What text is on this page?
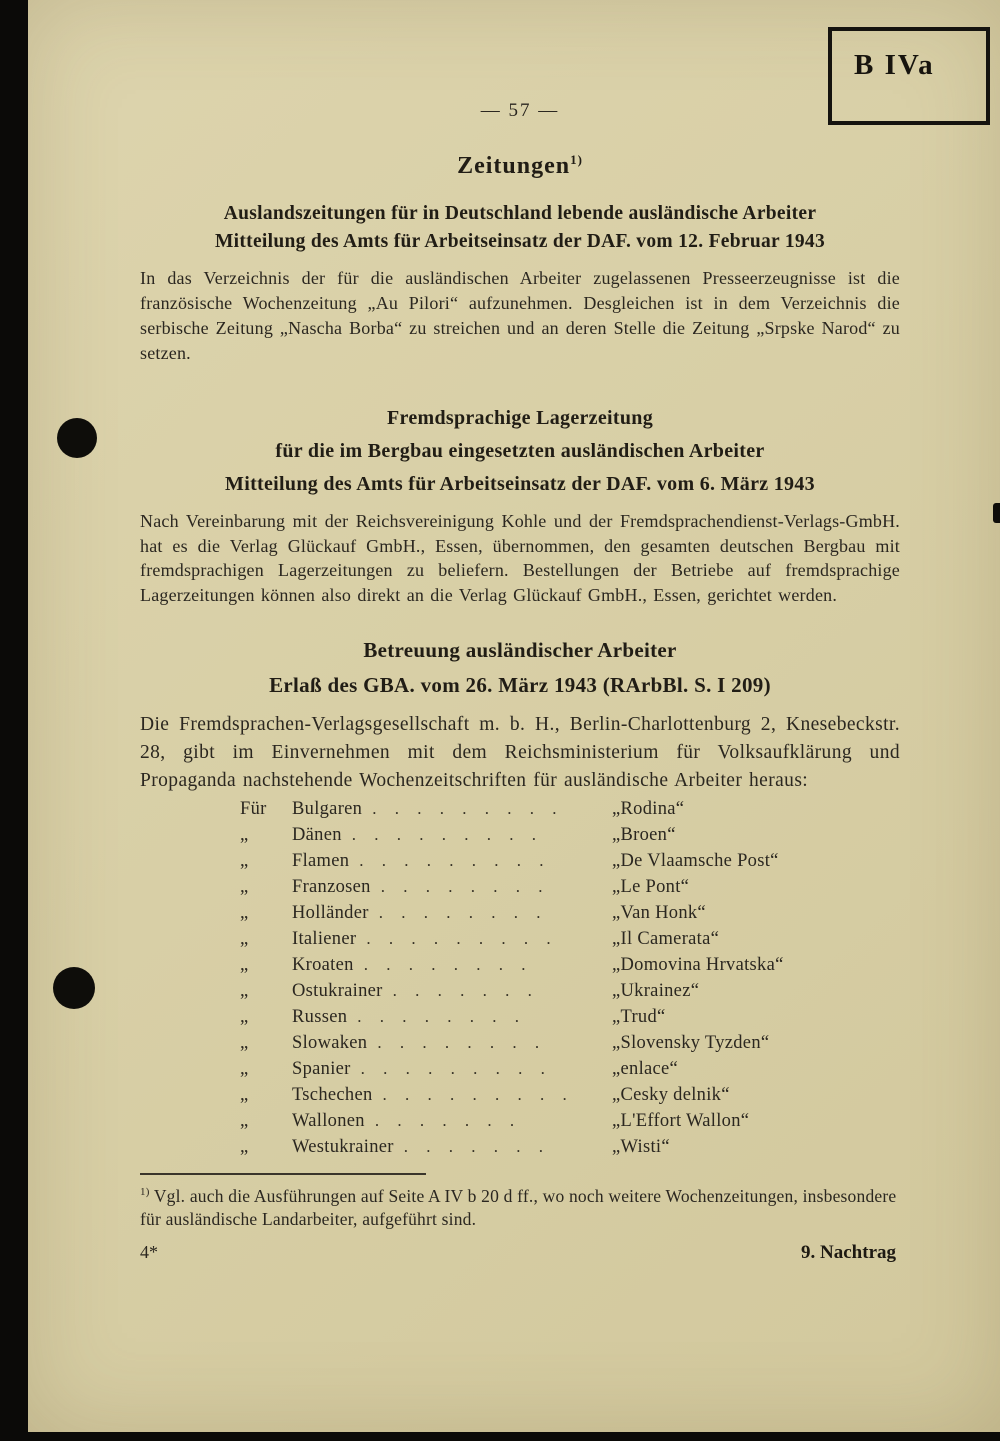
B IVa
— 57 —
Zeitungen$^{1)}$
Auslandszeitungen für in Deutschland lebende ausländische Arbeiter
Mitteilung des Amts für Arbeitseinsatz der DAF. vom 12. Februar 1943
In das Verzeichnis der für die ausländischen Arbeiter zugelassenen Presseerzeugnisse ist die französische Wochenzeitung „Au Pilori“ aufzunehmen. Desgleichen ist in dem Verzeichnis die serbische Zeitung „Nascha Borba“ zu streichen und an deren Stelle die Zeitung „Srpske Narod“ zu setzen.
Fremdsprachige Lagerzeitung
für die im Bergbau eingesetzten ausländischen Arbeiter
Mitteilung des Amts für Arbeitseinsatz der DAF. vom 6. März 1943
Nach Vereinbarung mit der Reichsvereinigung Kohle und der Fremdsprachendienst-Verlags-GmbH. hat es die Verlag Glückauf GmbH., Essen, übernommen, den gesamten deutschen Bergbau mit fremdsprachigen Lagerzeitungen zu beliefern. Bestellungen der Betriebe auf fremdsprachige Lagerzeitungen können also direkt an die Verlag Glückauf GmbH., Essen, gerichtet werden.
Betreuung ausländischer Arbeiter
Erlaß des GBA. vom 26. März 1943 (RArbBl. S. I 209)
Die Fremdsprachen-Verlagsgesellschaft m. b. H., Berlin-Charlottenburg 2, Knesebeckstr. 28, gibt im Einvernehmen mit dem Reichsministerium für Volksaufklärung und Propaganda nachstehende Wochenzeitschriften für ausländische Arbeiter heraus:
Für	Bulgaren . . . . . . . . .	„Rodina“
„	Dänen . . . . . . . . .	„Broen“
„	Flamen . . . . . . . . .	„De Vlaamsche Post“
„	Franzosen . . . . . . . .	„Le Pont“
„	Holländer . . . . . . . .	„Van Honk“
„	Italiener . . . . . . . . .	„Il Camerata“
„	Kroaten . . . . . . . .	„Domovina Hrvatska“
„	Ostukrainer . . . . . . .	„Ukrainez“
„	Russen . . . . . . . .	„Trud“
„	Slowaken . . . . . . . .	„Slovensky Tyzden“
„	Spanier . . . . . . . . .	„enlace“
„	Tschechen . . . . . . . . .	„Cesky delnik“
„	Wallonen . . . . . . .	„L'Effort Wallon“
„	Westukrainer . . . . . . .	„Wisti“
$^{1)}$ Vgl. auch die Ausführungen auf Seite A IV b 20 d ff., wo noch weitere Wochenzeitungen, insbesondere für ausländische Landarbeiter, aufgeführt sind.
4*	9. Nachtrag
